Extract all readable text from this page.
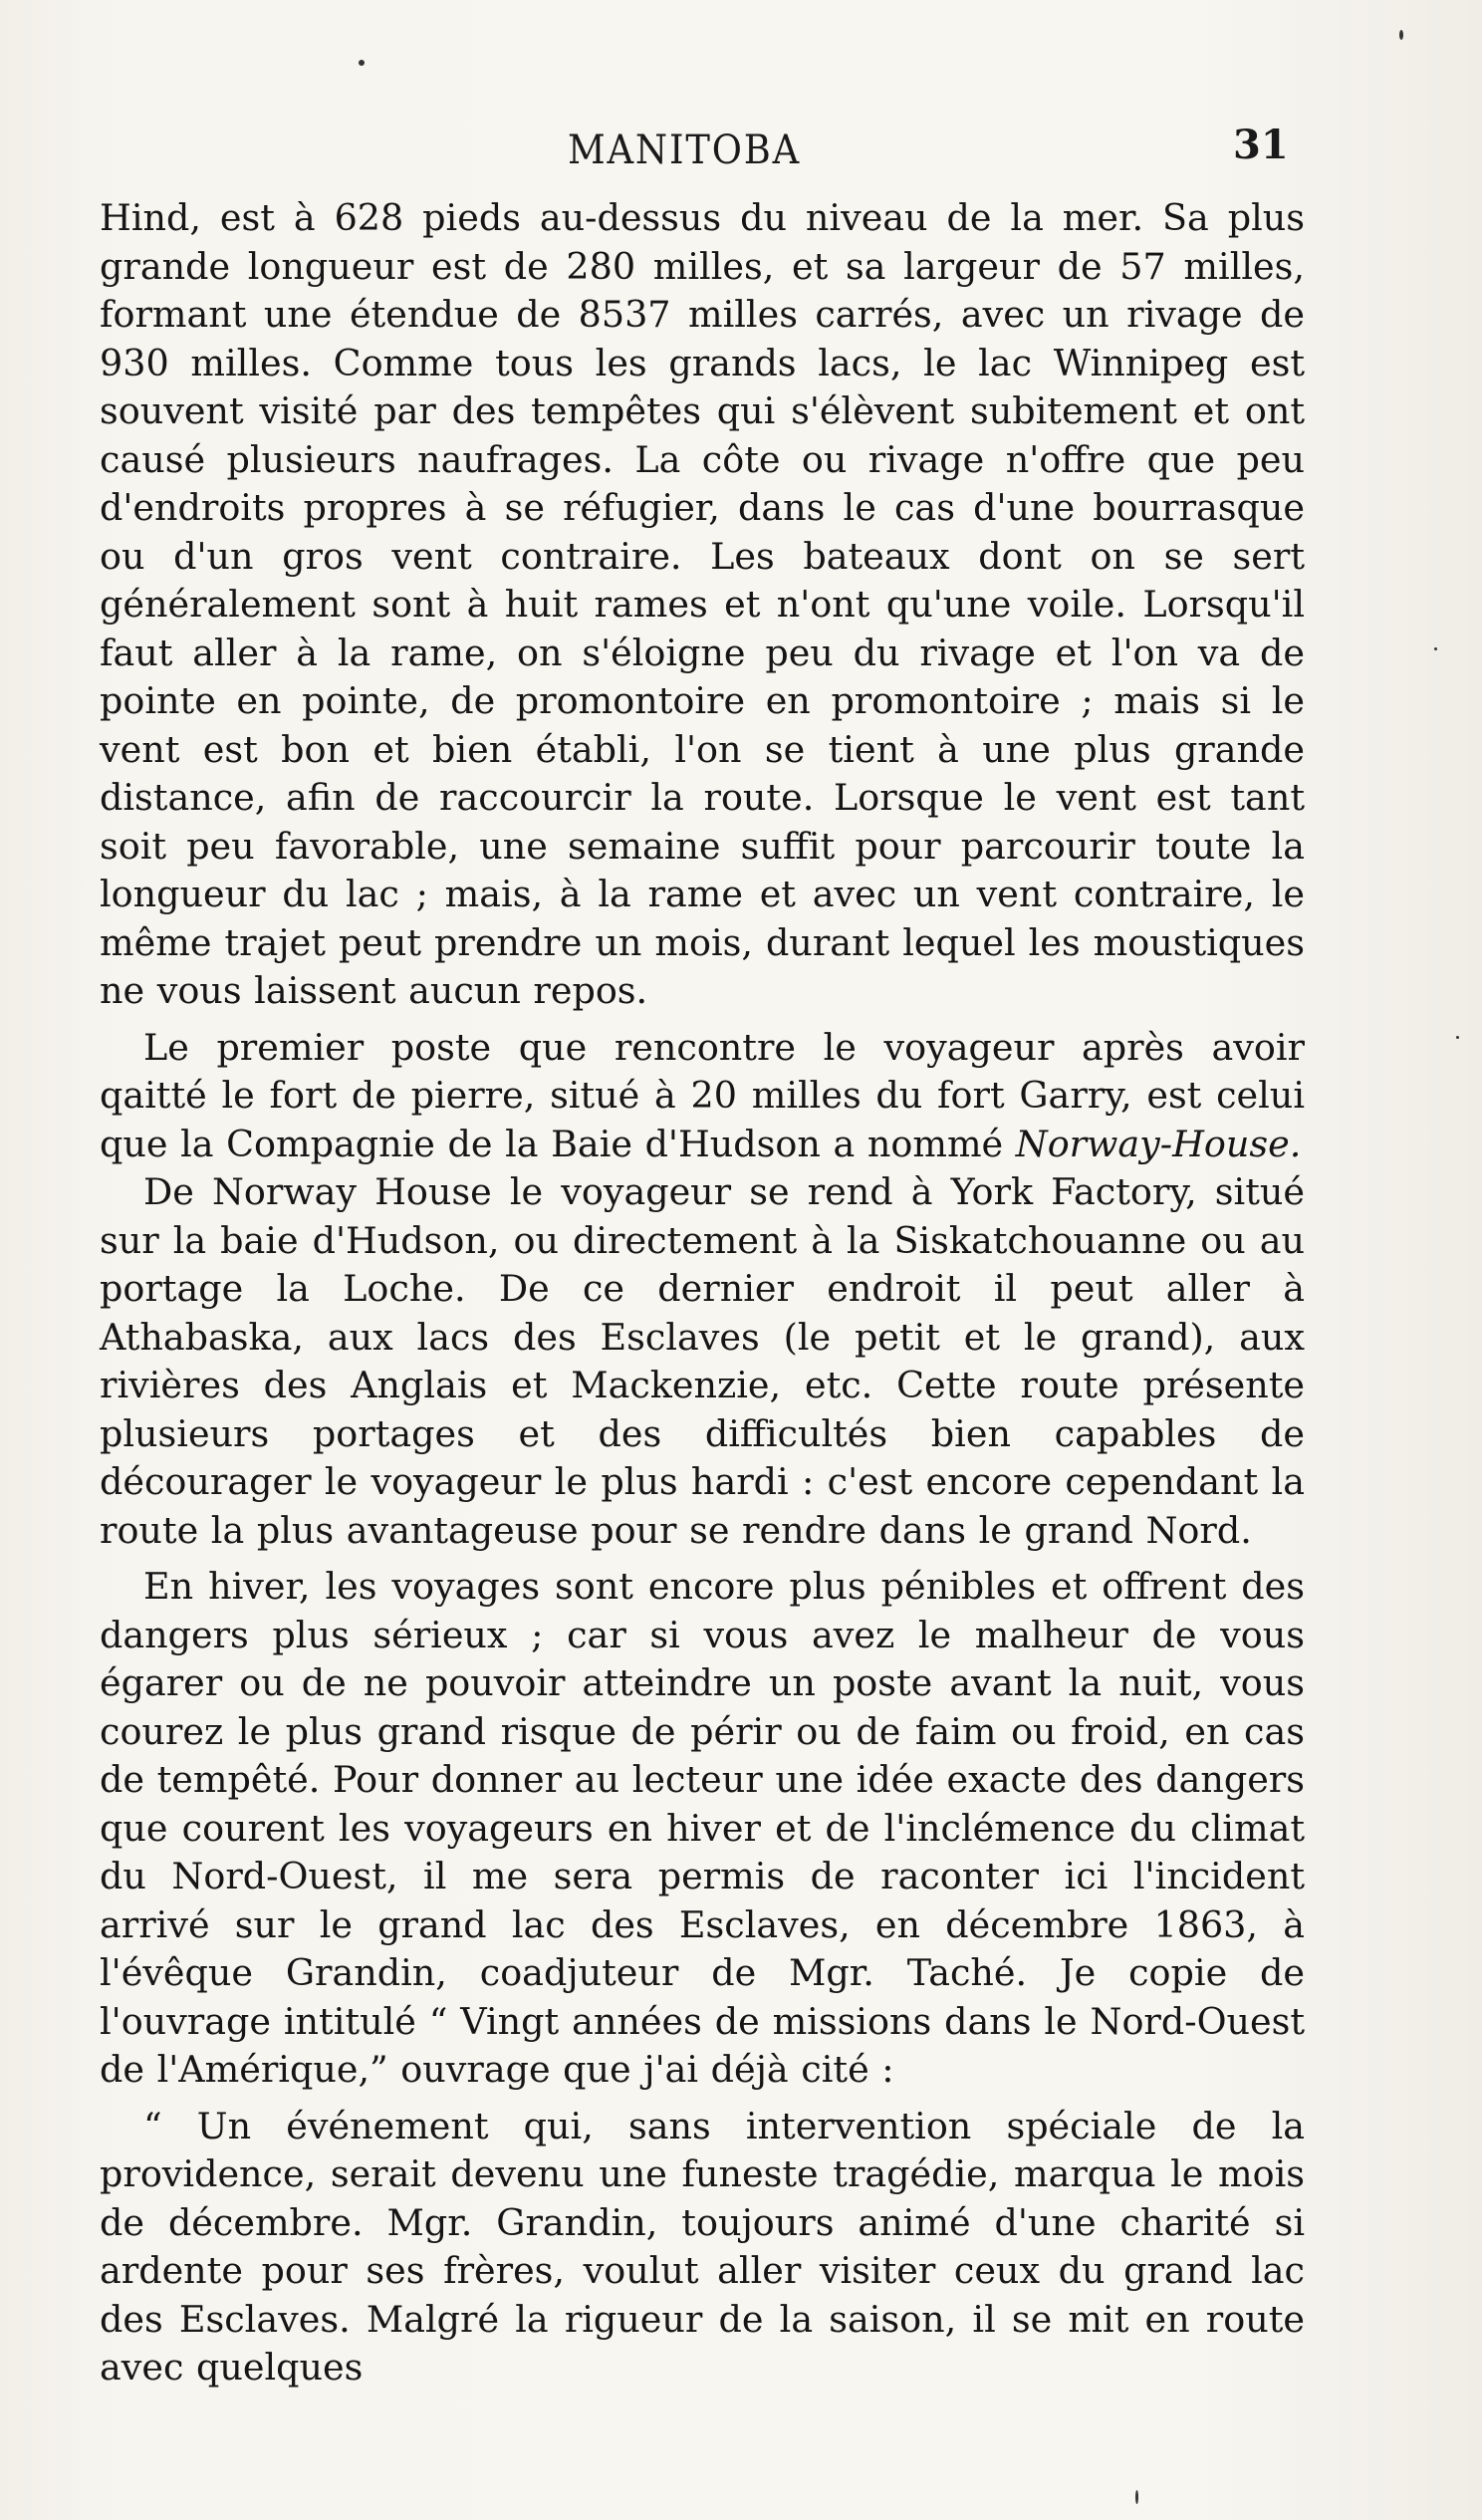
MANITOBA	31

Hind, est à 628 pieds au-dessus du niveau de la mer. Sa plus grande longueur est de 280 milles, et sa largeur de 57 milles, formant une étendue de 8537 milles carrés, avec un rivage de 930 milles. Comme tous les grands lacs, le lac Winnipeg est souvent visité par des tempêtes qui s'élèvent subitement et ont causé plusieurs naufrages. La côte ou rivage n'offre que peu d'endroits propres à se réfugier, dans le cas d'une bourrasque ou d'un gros vent contraire. Les bateaux dont on se sert généralement sont à huit rames et n'ont qu'une voile. Lorsqu'il faut aller à la rame, on s'éloigne peu du rivage et l'on va de pointe en pointe, de promontoire en promontoire ; mais si le vent est bon et bien établi, l'on se tient à une plus grande distance, afin de raccourcir la route. Lorsque le vent est tant soit peu favorable, une semaine suffit pour parcourir toute la longueur du lac ; mais, à la rame et avec un vent contraire, le même trajet peut prendre un mois, durant lequel les moustiques ne vous laissent aucun repos.

Le premier poste que rencontre le voyageur après avoir qaitté le fort de pierre, situé à 20 milles du fort Garry, est celui que la Compagnie de la Baie d'Hudson a nommé Norway-House.

De Norway House le voyageur se rend à York Factory, situé sur la baie d'Hudson, ou directement à la Siskatchouanne ou au portage la Loche. De ce dernier endroit il peut aller à Athabaska, aux lacs des Esclaves (le petit et le grand), aux rivières des Anglais et Mackenzie, etc. Cette route présente plusieurs portages et des difficultés bien capables de décourager le voyageur le plus hardi : c'est encore cependant la route la plus avantageuse pour se rendre dans le grand Nord.

En hiver, les voyages sont encore plus pénibles et offrent des dangers plus sérieux ; car si vous avez le malheur de vous égarer ou de ne pouvoir atteindre un poste avant la nuit, vous courez le plus grand risque de périr ou de faim ou froid, en cas de tempêté. Pour donner au lecteur une idée exacte des dangers que courent les voyageurs en hiver et de l'inclémence du climat du Nord-Ouest, il me sera permis de raconter ici l'incident arrivé sur le grand lac des Esclaves, en décembre 1863, à l'évêque Grandin, coadjuteur de Mgr. Taché. Je copie de l'ouvrage intitulé “ Vingt années de missions dans le Nord-Ouest de l'Amérique,” ouvrage que j'ai déjà cité :

“ Un événement qui, sans intervention spéciale de la providence, serait devenu une funeste tragédie, marqua le mois de décembre. Mgr. Grandin, toujours animé d'une charité si ardente pour ses frères, voulut aller visiter ceux du grand lac des Esclaves. Malgré la rigueur de la saison, il se mit en route avec quelques
